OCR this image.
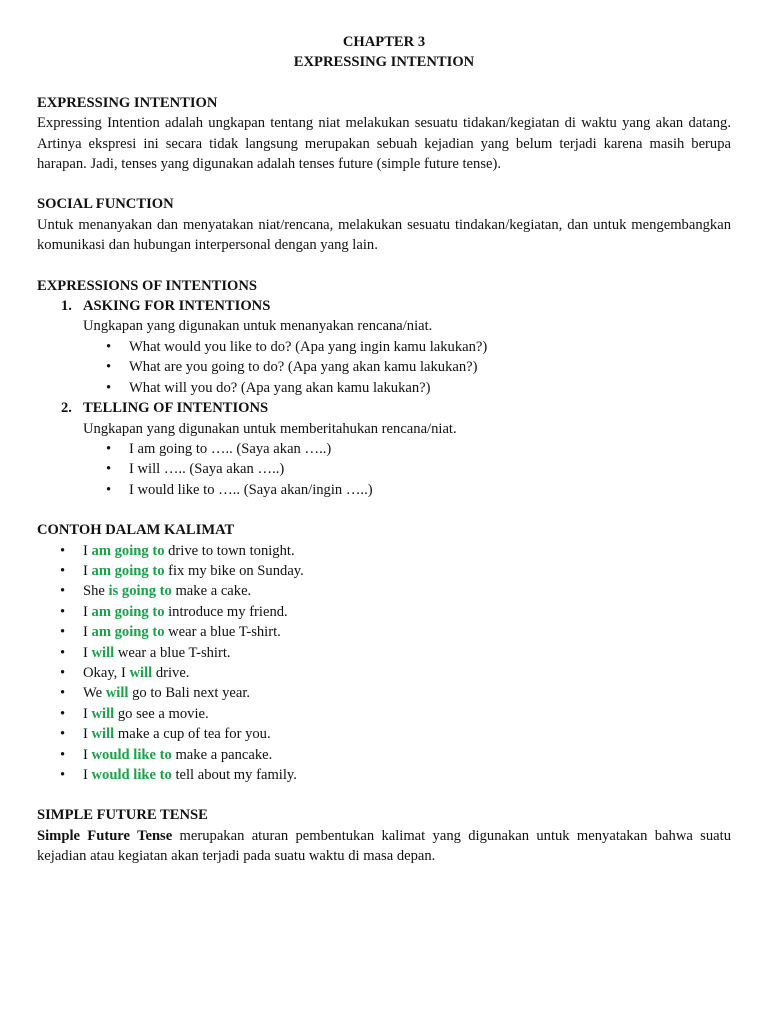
CHAPTER 3
EXPRESSING INTENTION
EXPRESSING INTENTION

Expressing Intention adalah ungkapan tentang niat melakukan sesuatu tidakan/kegiatan di waktu yang akan datang. Artinya ekspresi ini secara tidak langsung merupakan sebuah kejadian yang belum terjadi karena masih berupa harapan. Jadi, tenses yang digunakan adalah tenses future (simple future tense).

SOCIAL FUNCTION

Untuk menanyakan dan menyatakan niat/rencana, melakukan sesuatu tindakan/kegiatan, dan untuk mengembangkan komunikasi dan hubungan interpersonal dengan yang lain.

EXPRESSIONS OF INTENTIONS
1. ASKING FOR INTENTIONS
Ungkapan yang digunakan untuk menanyakan rencana/niat.
• What would you like to do? (Apa yang ingin kamu lakukan?)
• What are you going to do? (Apa yang akan kamu lakukan?)
• What will you do? (Apa yang akan kamu lakukan?)
2. TELLING OF INTENTIONS
Ungkapan yang digunakan untuk memberitahukan rencana/niat.
• I am going to ….. (Saya akan …..)
• I will ….. (Saya akan …..)
• I would like to ….. (Saya akan/ingin …..)
CONTOH DALAM KALIMAT
• I am going to drive to town tonight.
• I am going to fix my bike on Sunday.
• She is going to make a cake.
• I am going to introduce my friend.
• I am going to wear a blue T-shirt.
• I will wear a blue T-shirt.
• Okay, I will drive.
• We will go to Bali next year.
• I will go see a movie.
• I will make a cup of tea for you.
• I would like to make a pancake.
• I would like to tell about my family.
SIMPLE FUTURE TENSE

Simple Future Tense merupakan aturan pembentukan kalimat yang digunakan untuk menyatakan bahwa suatu kejadian atau kegiatan akan terjadi pada suatu waktu di masa depan.
